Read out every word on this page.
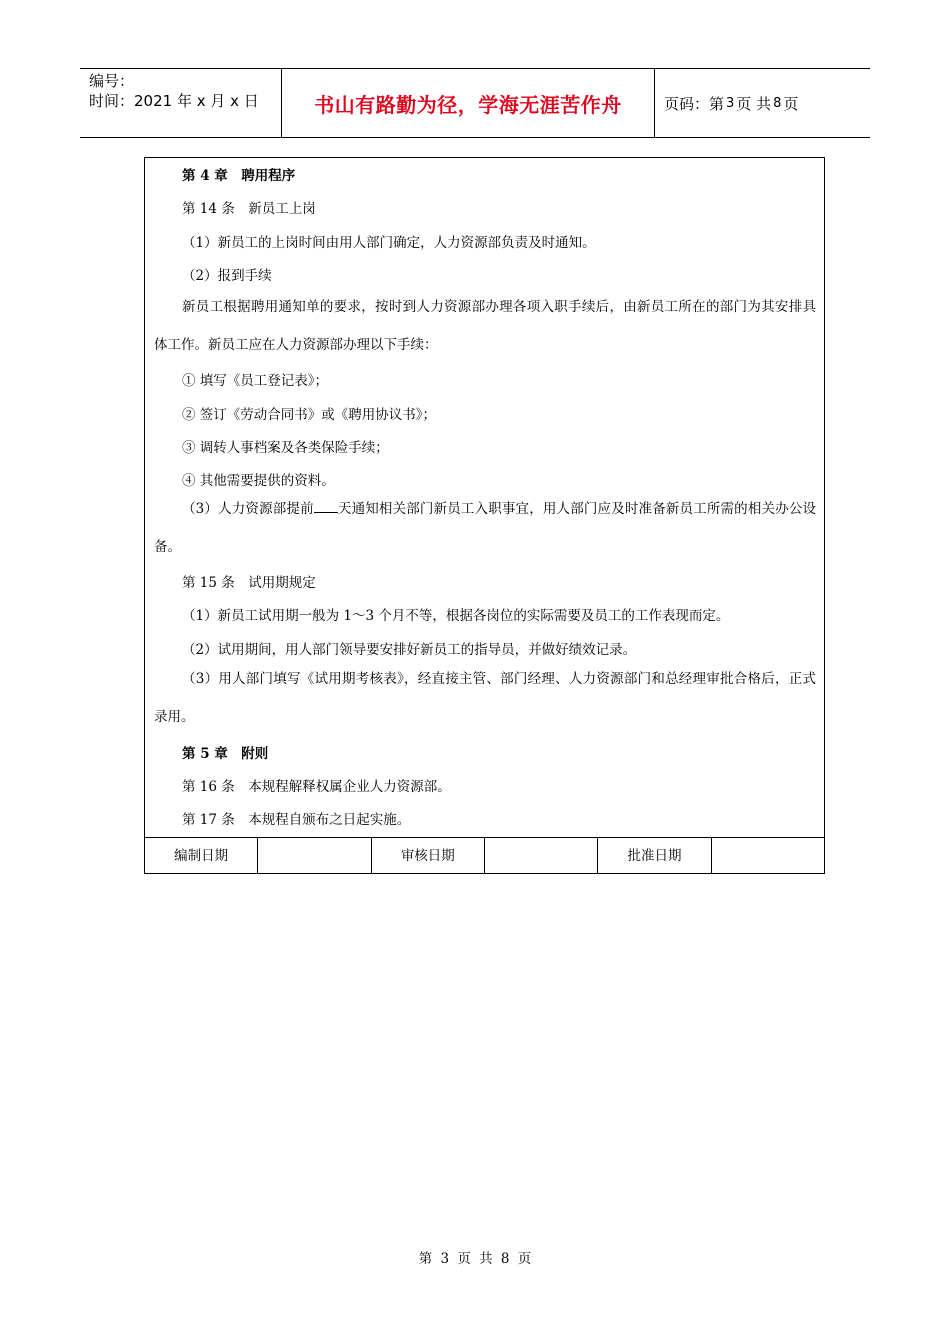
编号：
时间：2021 年 x 月 x 日	书山有路勤为径，学海无涯苦作舟	页码：第 3 页 共 8 页
第 4 章　聘用程序
第 14 条　新员工上岗
（1）新员工的上岗时间由用人部门确定，人力资源部负责及时通知。
（2）报到手续
新员工根据聘用通知单的要求，按时到人力资源部办理各项入职手续后，由新员工所在的部门为其安排具体工作。新员工应在人力资源部办理以下手续：
① 填写《员工登记表》；
② 签订《劳动合同书》或《聘用协议书》；
③ 调转人事档案及各类保险手续；
④ 其他需要提供的资料。
（3）人力资源部提前 天通知相关部门新员工入职事宜，用人部门应及时准备新员工所需的相关办公设备。
第 15 条　试用期规定
（1）新员工试用期一般为 1～3 个月不等，根据各岗位的实际需要及员工的工作表现而定。
（2）试用期间，用人部门领导要安排好新员工的指导员，并做好绩效记录。
（3）用人部门填写《试用期考核表》，经直接主管、部门经理、人力资源部门和总经理审批合格后，正式录用。
第 5 章　附则
第 16 条　本规程解释权属企业人力资源部。
第 17 条　本规程自颁布之日起实施。
编制日期	审核日期	批准日期
第 3 页 共 8 页
